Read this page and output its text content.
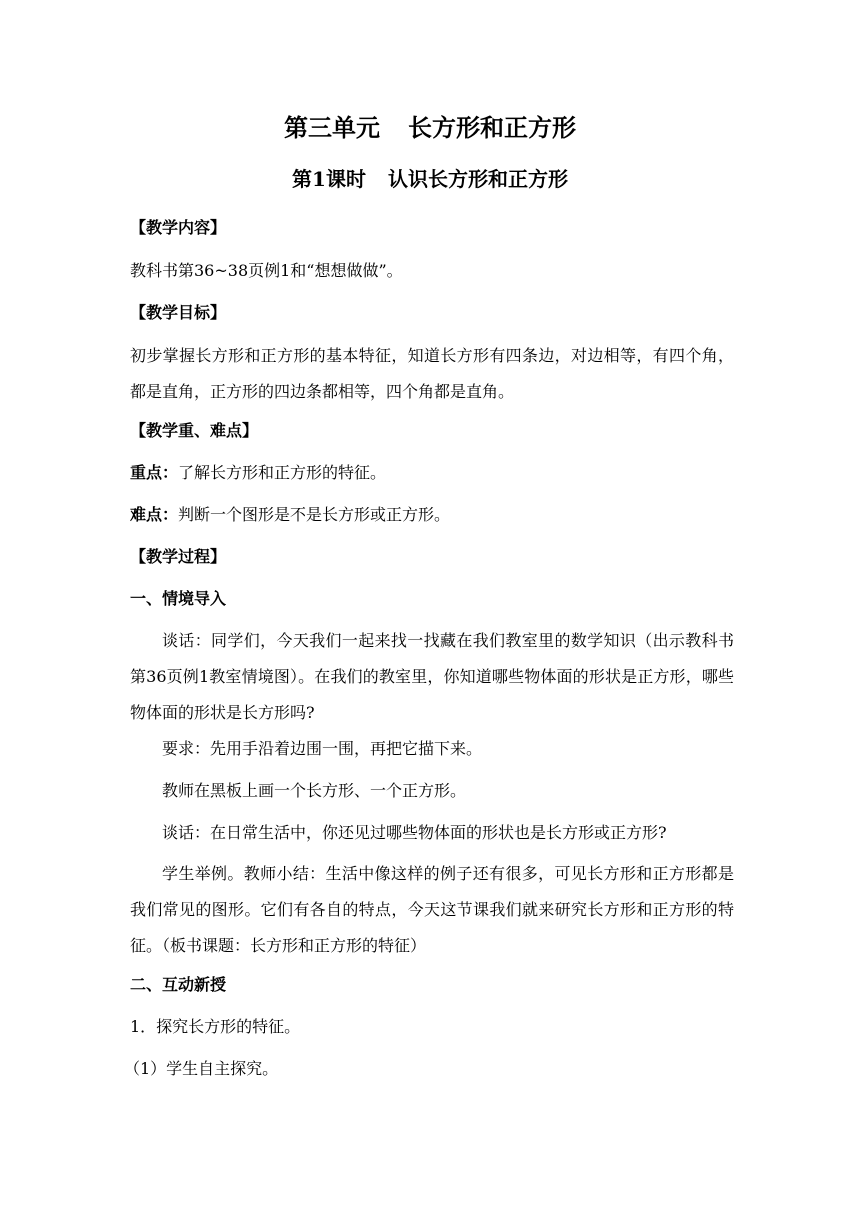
第三单元 长方形和正方形
第1课时 认识长方形和正方形
【教学内容】
教科书第36~38页例1和“想想做做”。
【教学目标】
初步掌握长方形和正方形的基本特征，知道长方形有四条边，对边相等，有四个角，都是直角，正方形的四边条都相等，四个角都是直角。
【教学重、难点】
重点：了解长方形和正方形的特征。
难点：判断一个图形是不是长方形或正方形。
【教学过程】
一、情境导入
谈话：同学们，今天我们一起来找一找藏在我们教室里的数学知识（出示教科书第36页例1教室情境图）。在我们的教室里，你知道哪些物体面的形状是正方形，哪些物体面的形状是长方形吗?
要求：先用手沿着边围一围，再把它描下来。
教师在黑板上画一个长方形、一个正方形。
谈话：在日常生活中，你还见过哪些物体面的形状也是长方形或正方形?
学生举例。教师小结：生活中像这样的例子还有很多，可见长方形和正方形都是我们常见的图形。它们有各自的特点，今天这节课我们就来研究长方形和正方形的特征。（板书课题：长方形和正方形的特征）
二、互动新授
1．探究长方形的特征。
（1）学生自主探究。
